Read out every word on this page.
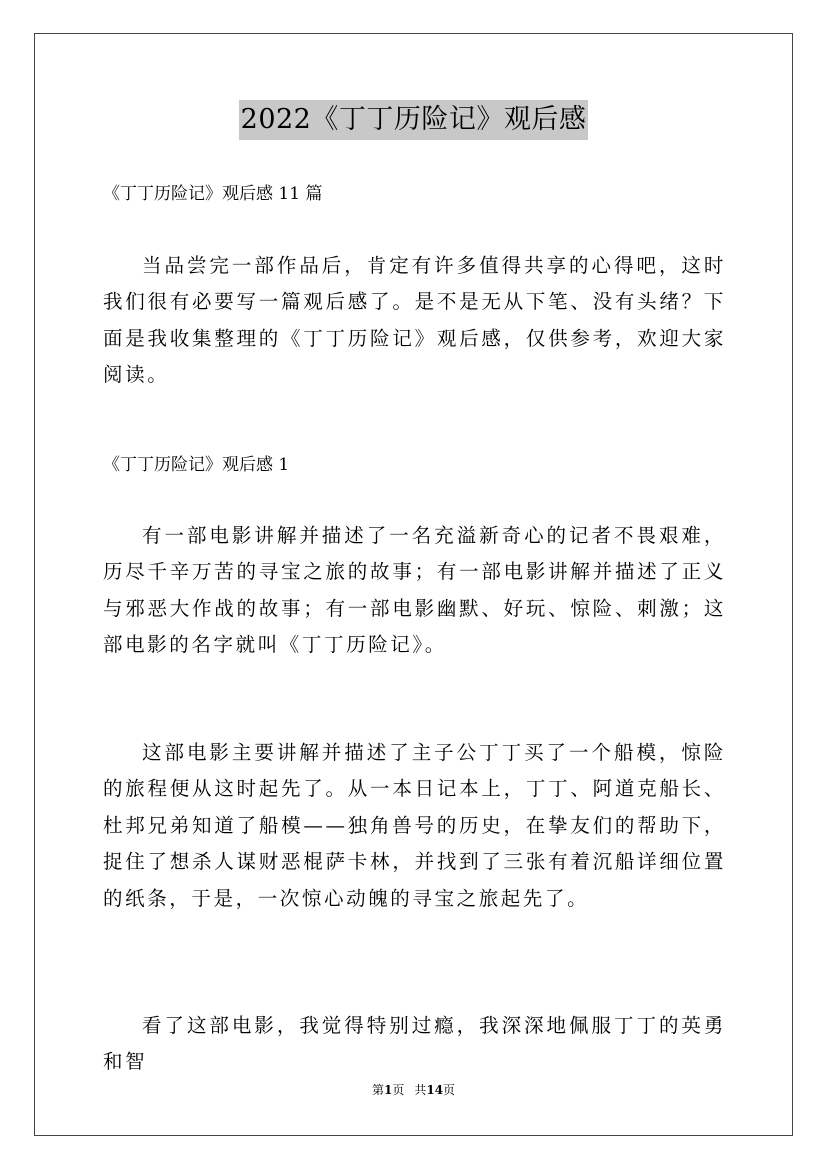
2022《丁丁历险记》观后感
《丁丁历险记》观后感 11 篇

当品尝完一部作品后，肯定有许多值得共享的心得吧，这时我们很有必要写一篇观后感了。是不是无从下笔、没有头绪？下面是我收集整理的《丁丁历险记》观后感，仅供参考，欢迎大家阅读。

《丁丁历险记》观后感 1

有一部电影讲解并描述了一名充溢新奇心的记者不畏艰难，历尽千辛万苦的寻宝之旅的故事；有一部电影讲解并描述了正义与邪恶大作战的故事；有一部电影幽默、好玩、惊险、刺激；这部电影的名字就叫《丁丁历险记》。

这部电影主要讲解并描述了主子公丁丁买了一个船模，惊险的旅程便从这时起先了。从一本日记本上，丁丁、阿道克船长、杜邦兄弟知道了船模——独角兽号的历史，在挚友们的帮助下，捉住了想杀人谋财恶棍萨卡林，并找到了三张有着沉船详细位置的纸条，于是，一次惊心动魄的寻宝之旅起先了。

看了这部电影，我觉得特别过瘾，我深深地佩服丁丁的英勇和智

第1页 共14页
